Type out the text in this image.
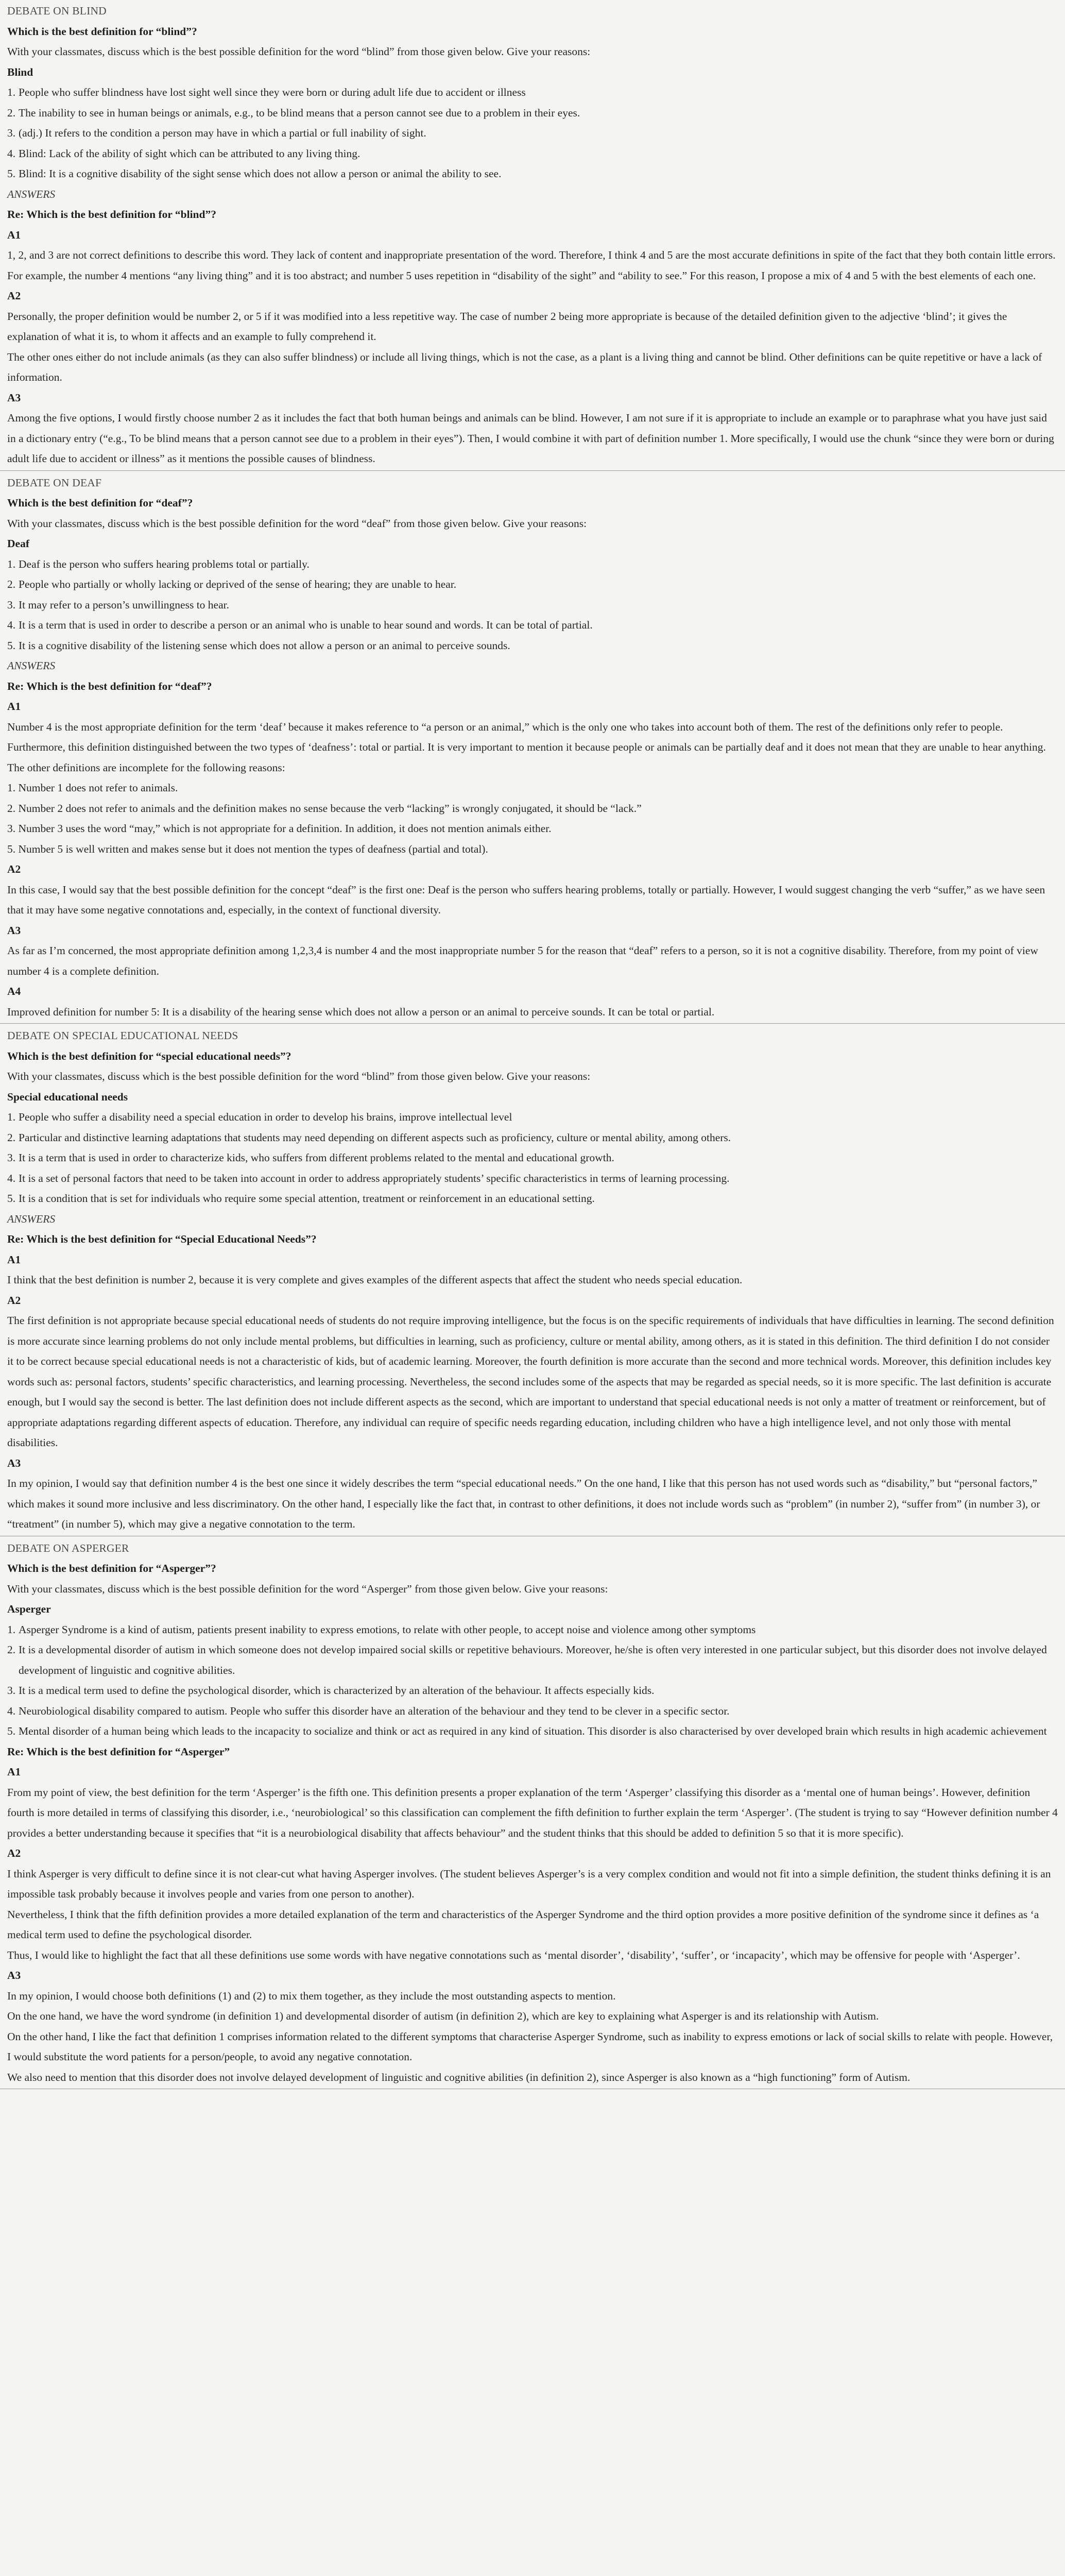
DEBATE ON BLIND
Which is the best definition for “blind”?
With your classmates, discuss which is the best possible definition for the word “blind” from those given below. Give your reasons:
Blind
1. People who suffer blindness have lost sight well since they were born or during adult life due to accident or illness
2. The inability to see in human beings or animals, e.g., to be blind means that a person cannot see due to a problem in their eyes.
3. (adj.) It refers to the condition a person may have in which a partial or full inability of sight.
4. Blind: Lack of the ability of sight which can be attributed to any living thing.
5. Blind: It is a cognitive disability of the sight sense which does not allow a person or animal the ability to see.
ANSWERS
Re: Which is the best definition for “blind”?
A1

1, 2, and 3 are not correct definitions to describe this word. They lack of content and inappropriate presentation of the word. Therefore, I think 4 and 5 are the most accurate definitions in spite of the fact that they both contain little errors. For example, the number 4 mentions “any living thing” and it is too abstract; and number 5 uses repetition in “disability of the sight” and “ability to see.” For this reason, I propose a mix of 4 and 5 with the best elements of each one.

A2

Personally, the proper definition would be number 2, or 5 if it was modified into a less repetitive way. The case of number 2 being more appropriate is because of the detailed definition given to the adjective ‘blind’; it gives the explanation of what it is, to whom it affects and an example to fully comprehend it.

The other ones either do not include animals (as they can also suffer blindness) or include all living things, which is not the case, as a plant is a living thing and cannot be blind. Other definitions can be quite repetitive or have a lack of information.

A3

Among the five options, I would firstly choose number 2 as it includes the fact that both human beings and animals can be blind. However, I am not sure if it is appropriate to include an example or to paraphrase what you have just said in a dictionary entry (“e.g., To be blind means that a person cannot see due to a problem in their eyes”). Then, I would combine it with part of definition number 1. More specifically, I would use the chunk “since they were born or during adult life due to accident or illness” as it mentions the possible causes of blindness.

DEBATE ON DEAF
Which is the best definition for “deaf”?
With your classmates, discuss which is the best possible definition for the word “deaf” from those given below. Give your reasons:
Deaf
1. Deaf is the person who suffers hearing problems total or partially.
2. People who partially or wholly lacking or deprived of the sense of hearing; they are unable to hear.
3. It may refer to a person’s unwillingness to hear.
4. It is a term that is used in order to describe a person or an animal who is unable to hear sound and words. It can be total of partial.
5. It is a cognitive disability of the listening sense which does not allow a person or an animal to perceive sounds.
ANSWERS
Re: Which is the best definition for “deaf”?
A1

Number 4 is the most appropriate definition for the term ‘deaf’ because it makes reference to “a person or an animal,” which is the only one who takes into account both of them. The rest of the definitions only refer to people. Furthermore, this definition distinguished between the two types of ‘deafness’: total or partial. It is very important to mention it because people or animals can be partially deaf and it does not mean that they are unable to hear anything.

The other definitions are incomplete for the following reasons:

1. Number 1 does not refer to animals.

2. Number 2 does not refer to animals and the definition makes no sense because the verb “lacking” is wrongly conjugated, it should be “lack.”

3. Number 3 uses the word “may,” which is not appropriate for a definition. In addition, it does not mention animals either.

5. Number 5 is well written and makes sense but it does not mention the types of deafness (partial and total).

A2

In this case, I would say that the best possible definition for the concept “deaf” is the first one: Deaf is the person who suffers hearing problems, totally or partially. However, I would suggest changing the verb “suffer,” as we have seen that it may have some negative connotations and, especially, in the context of functional diversity.

A3

As far as I’m concerned, the most appropriate definition among 1,2,3,4 is number 4 and the most inappropriate number 5 for the reason that “deaf” refers to a person, so it is not a cognitive disability. Therefore, from my point of view number 4 is a complete definition.

A4

Improved definition for number 5: It is a disability of the hearing sense which does not allow a person or an animal to perceive sounds. It can be total or partial.

DEBATE ON SPECIAL EDUCATIONAL NEEDS
Which is the best definition for “special educational needs”?
With your classmates, discuss which is the best possible definition for the word “blind” from those given below. Give your reasons:
Special educational needs
1. People who suffer a disability need a special education in order to develop his brains, improve intellectual level
2. Particular and distinctive learning adaptations that students may need depending on different aspects such as proficiency, culture or mental ability, among others.
3. It is a term that is used in order to characterize kids, who suffers from different problems related to the mental and educational growth.
4. It is a set of personal factors that need to be taken into account in order to address appropriately students’ specific characteristics in terms of learning processing.
5. It is a condition that is set for individuals who require some special attention, treatment or reinforcement in an educational setting.
ANSWERS
Re: Which is the best definition for “Special Educational Needs”?
A1

I think that the best definition is number 2, because it is very complete and gives examples of the different aspects that affect the student who needs special education.

A2

The first definition is not appropriate because special educational needs of students do not require improving intelligence, but the focus is on the specific requirements of individuals that have difficulties in learning. The second definition is more accurate since learning problems do not only include mental problems, but difficulties in learning, such as proficiency, culture or mental ability, among others, as it is stated in this definition. The third definition I do not consider it to be correct because special educational needs is not a characteristic of kids, but of academic learning. Moreover, the fourth definition is more accurate than the second and more technical words. Moreover, this definition includes key words such as: personal factors, students’ specific characteristics, and learning processing. Nevertheless, the second includes some of the aspects that may be regarded as special needs, so it is more specific. The last definition is accurate enough, but I would say the second is better. The last definition does not include different aspects as the second, which are important to understand that special educational needs is not only a matter of treatment or reinforcement, but of appropriate adaptations regarding different aspects of education. Therefore, any individual can require of specific needs regarding education, including children who have a high intelligence level, and not only those with mental disabilities.

A3

In my opinion, I would say that definition number 4 is the best one since it widely describes the term “special educational needs.” On the one hand, I like that this person has not used words such as “disability,” but “personal factors,” which makes it sound more inclusive and less discriminatory. On the other hand, I especially like the fact that, in contrast to other definitions, it does not include words such as “problem” (in number 2), “suffer from” (in number 3), or “treatment” (in number 5), which may give a negative connotation to the term.

DEBATE ON ASPERGER
Which is the best definition for “Asperger”?
With your classmates, discuss which is the best possible definition for the word “Asperger” from those given below. Give your reasons:
Asperger
1. Asperger Syndrome is a kind of autism, patients present inability to express emotions, to relate with other people, to accept noise and violence among other symptoms
2. It is a developmental disorder of autism in which someone does not develop impaired social skills or repetitive behaviours. Moreover, he/she is often very interested in one particular subject, but this disorder does not involve delayed development of linguistic and cognitive abilities.
3. It is a medical term used to define the psychological disorder, which is characterized by an alteration of the behaviour. It affects especially kids.
4. Neurobiological disability compared to autism. People who suffer this disorder have an alteration of the behaviour and they tend to be clever in a specific sector.
5. Mental disorder of a human being which leads to the incapacity to socialize and think or act as required in any kind of situation. This disorder is also characterised by over developed brain which results in high academic achievement
Re: Which is the best definition for “Asperger”
A1

From my point of view, the best definition for the term ‘Asperger’ is the fifth one. This definition presents a proper explanation of the term ‘Asperger’ classifying this disorder as a ‘mental one of human beings’. However, definition fourth is more detailed in terms of classifying this disorder, i.e., ‘neurobiological’ so this classification can complement the fifth definition to further explain the term ‘Asperger’. (The student is trying to say “However definition number 4 provides a better understanding because it specifies that “it is a neurobiological disability that affects behaviour” and the student thinks that this should be added to definition 5 so that it is more specific).

A2

I think Asperger is very difficult to define since it is not clear-cut what having Asperger involves. (The student believes Asperger’s is a very complex condition and would not fit into a simple definition, the student thinks defining it is an impossible task probably because it involves people and varies from one person to another).

Nevertheless, I think that the fifth definition provides a more detailed explanation of the term and characteristics of the Asperger Syndrome and the third option provides a more positive definition of the syndrome since it defines as ‘a medical term used to define the psychological disorder.

Thus, I would like to highlight the fact that all these definitions use some words with have negative connotations such as ‘mental disorder’, ‘disability’, ‘suffer’, or ‘incapacity’, which may be offensive for people with ‘Asperger’.

A3

In my opinion, I would choose both definitions (1) and (2) to mix them together, as they include the most outstanding aspects to mention.

On the one hand, we have the word syndrome (in definition 1) and developmental disorder of autism (in definition 2), which are key to explaining what Asperger is and its relationship with Autism.

On the other hand, I like the fact that definition 1 comprises information related to the different symptoms that characterise Asperger Syndrome, such as inability to express emotions or lack of social skills to relate with people. However, I would substitute the word patients for a person/people, to avoid any negative connotation.

We also need to mention that this disorder does not involve delayed development of linguistic and cognitive abilities (in definition 2), since Asperger is also known as a “high functioning” form of Autism.
